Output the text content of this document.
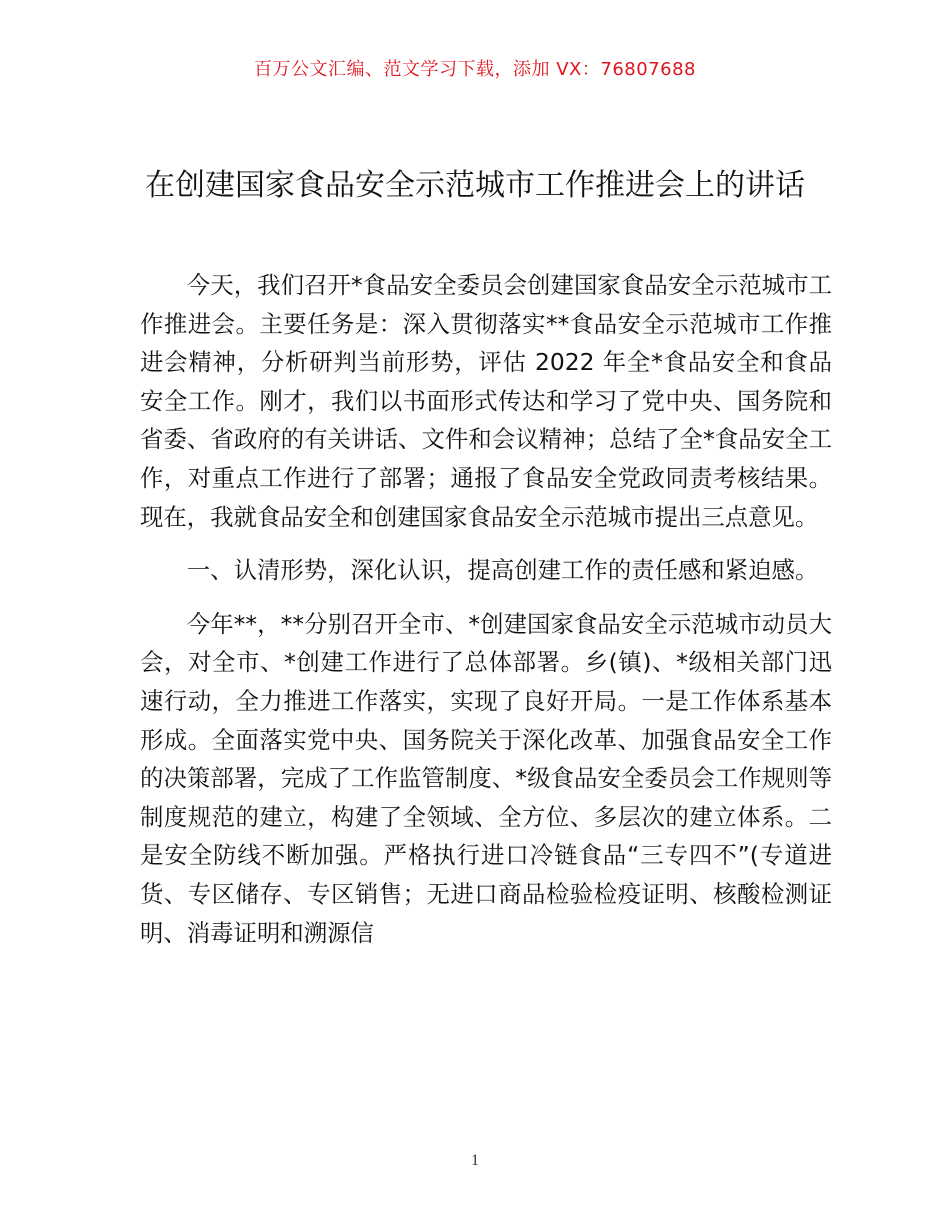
百万公文汇编、范文学习下载，添加 VX：76807688
在创建国家食品安全示范城市工作推进会上的讲话

今天，我们召开*食品安全委员会创建国家食品安全示范城市工作推进会。主要任务是：深入贯彻落实**食品安全示范城市工作推进会精神，分析研判当前形势，评估 2022 年全*食品安全和食品安全工作。刚才，我们以书面形式传达和学习了党中央、国务院和省委、省政府的有关讲话、文件和会议精神；总结了全*食品安全工作，对重点工作进行了部署；通报了食品安全党政同责考核结果。现在，我就食品安全和创建国家食品安全示范城市提出三点意见。

一、认清形势，深化认识，提高创建工作的责任感和紧迫感。

今年**，**分别召开全市、*创建国家食品安全示范城市动员大会，对全市、*创建工作进行了总体部署。乡(镇)、*级相关部门迅速行动，全力推进工作落实，实现了良好开局。一是工作体系基本形成。全面落实党中央、国务院关于深化改革、加强食品安全工作的决策部署，完成了工作监管制度、*级食品安全委员会工作规则等制度规范的建立，构建了全领域、全方位、多层次的建立体系。二是安全防线不断加强。严格执行进口冷链食品“三专四不”(专道进货、专区储存、专区销售；无进口商品检验检疫证明、核酸检测证明、消毒证明和溯源信

1
